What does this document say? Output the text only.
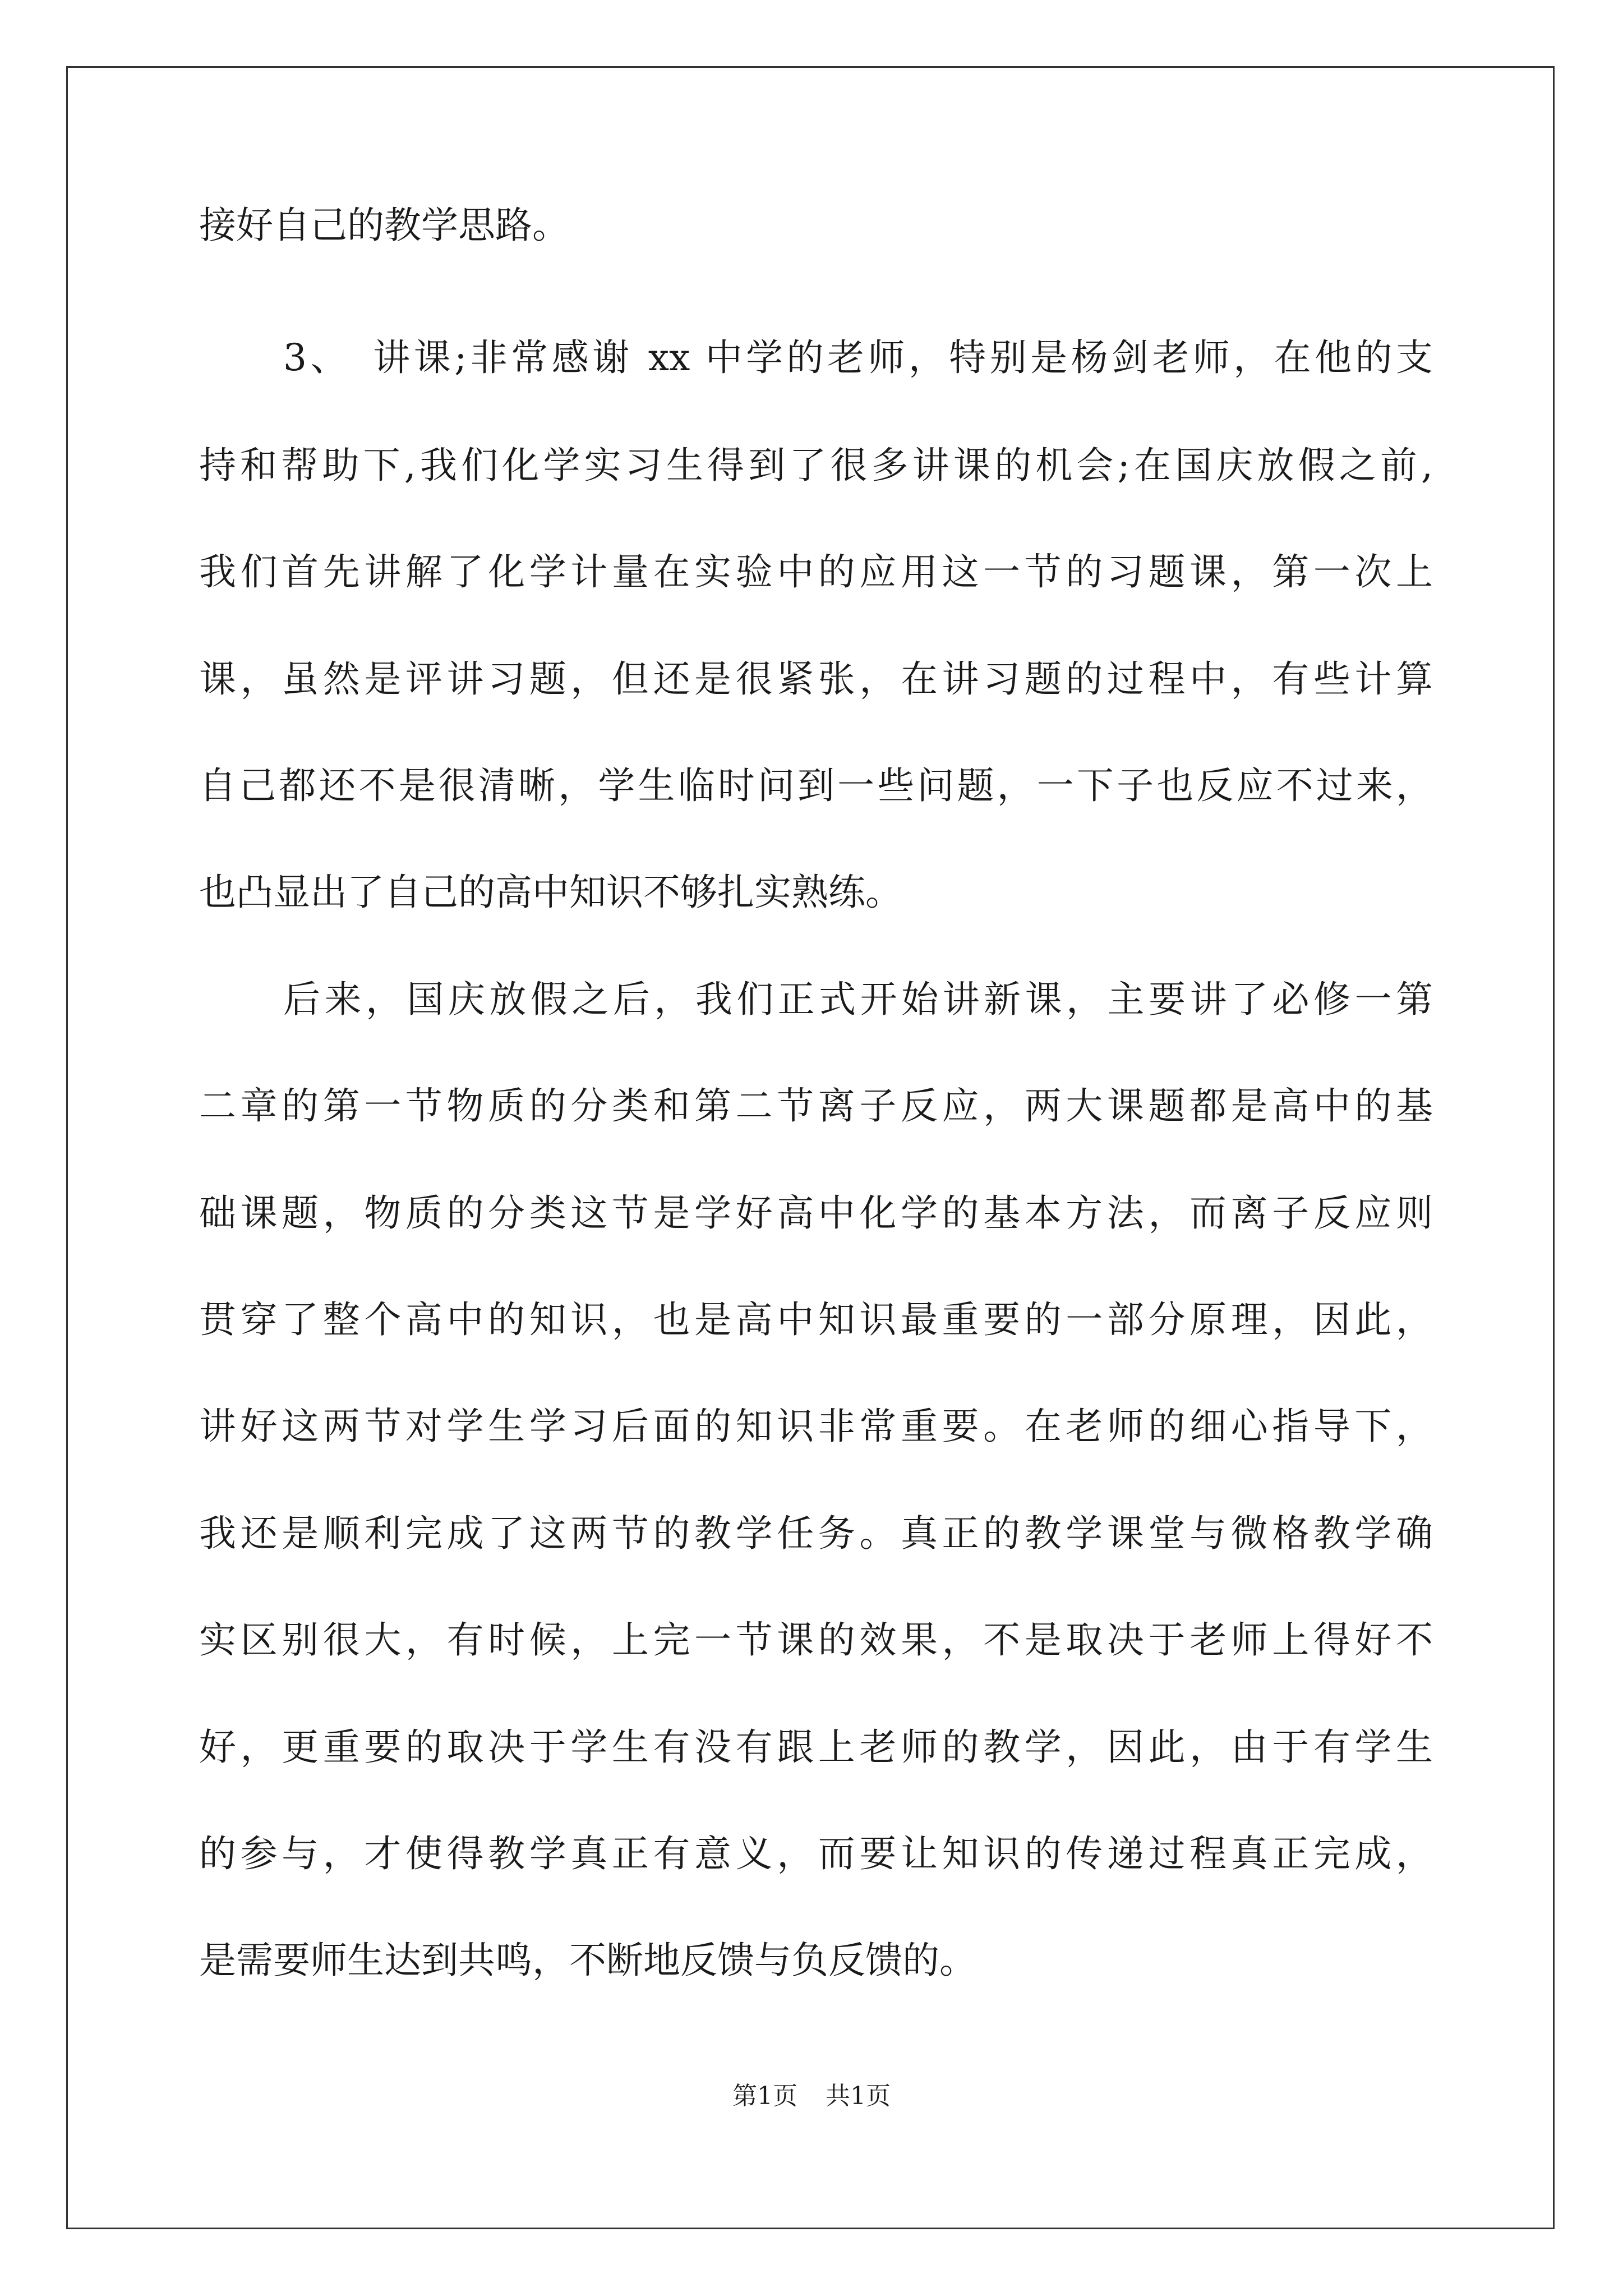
接好自己的教学思路。
3、　讲课;非常感谢 xx 中学的老师，特别是杨剑老师，在他的支
持和帮助下,我们化学实习生得到了很多讲课的机会;在国庆放假之前,
我们首先讲解了化学计量在实验中的应用这一节的习题课，第一次上
课，虽然是评讲习题，但还是很紧张，在讲习题的过程中，有些计算
自己都还不是很清晰，学生临时问到一些问题，一下子也反应不过来，
也凸显出了自己的高中知识不够扎实熟练。
后来，国庆放假之后，我们正式开始讲新课，主要讲了必修一第
二章的第一节物质的分类和第二节离子反应，两大课题都是高中的基
础课题，物质的分类这节是学好高中化学的基本方法，而离子反应则
贯穿了整个高中的知识，也是高中知识最重要的一部分原理，因此，
讲好这两节对学生学习后面的知识非常重要。在老师的细心指导下，
我还是顺利完成了这两节的教学任务。真正的教学课堂与微格教学确
实区别很大，有时候，上完一节课的效果，不是取决于老师上得好不
好，更重要的取决于学生有没有跟上老师的教学，因此，由于有学生
的参与，才使得教学真正有意义，而要让知识的传递过程真正完成，
是需要师生达到共鸣，不断地反馈与负反馈的。
第1页 共1页
